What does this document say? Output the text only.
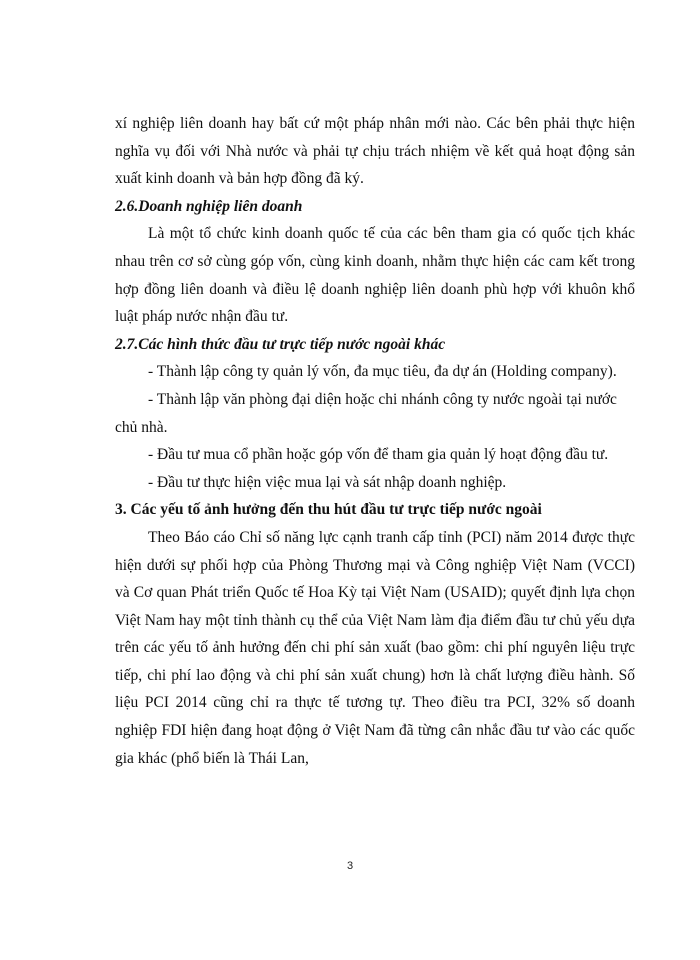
xí nghiệp liên doanh hay bất cứ một pháp nhân mới nào. Các bên phải thực hiện nghĩa vụ đối với Nhà nước và phải tự chịu trách nhiệm về kết quả hoạt động sản xuất kinh doanh và bản hợp đồng đã ký.

2.6.Doanh nghiệp liên doanh

Là một tổ chức kinh doanh quốc tế của các bên tham gia có quốc tịch khác nhau trên cơ sở cùng góp vốn, cùng kinh doanh, nhằm thực hiện các cam kết trong hợp đồng liên doanh và điều lệ doanh nghiệp liên doanh phù hợp với khuôn khổ luật pháp nước nhận đầu tư.

2.7.Các hình thức đầu tư trực tiếp nước ngoài khác

- Thành lập công ty quản lý vốn, đa mục tiêu, đa dự án (Holding company).

- Thành lập văn phòng đại diện hoặc chi nhánh công ty nước ngoài tại nước

chủ nhà.

- Đầu tư mua cổ phần hoặc góp vốn để tham gia quản lý hoạt động đầu tư.

- Đầu tư thực hiện việc mua lại và sát nhập doanh nghiệp.

3. Các yếu tố ảnh hưởng đến thu hút đầu tư trực tiếp nước ngoài

Theo Báo cáo Chỉ số năng lực cạnh tranh cấp tỉnh (PCI) năm 2014 được thực hiện dưới sự phối hợp của Phòng Thương mại và Công nghiệp Việt Nam (VCCI) và Cơ quan Phát triển Quốc tế Hoa Kỳ tại Việt Nam (USAID); quyết định lựa chọn Việt Nam hay một tỉnh thành cụ thể của Việt Nam làm địa điểm đầu tư chủ yếu dựa trên các yếu tố ảnh hưởng đến chi phí sản xuất (bao gồm: chi phí nguyên liệu trực tiếp, chi phí lao động và chi phí sản xuất chung) hơn là chất lượng điều hành. Số liệu PCI 2014 cũng chỉ ra thực tế tương tự. Theo điều tra PCI, 32% số doanh nghiệp FDI hiện đang hoạt động ở Việt Nam đã từng cân nhắc đầu tư vào các quốc gia khác (phổ biến là Thái Lan,

3
